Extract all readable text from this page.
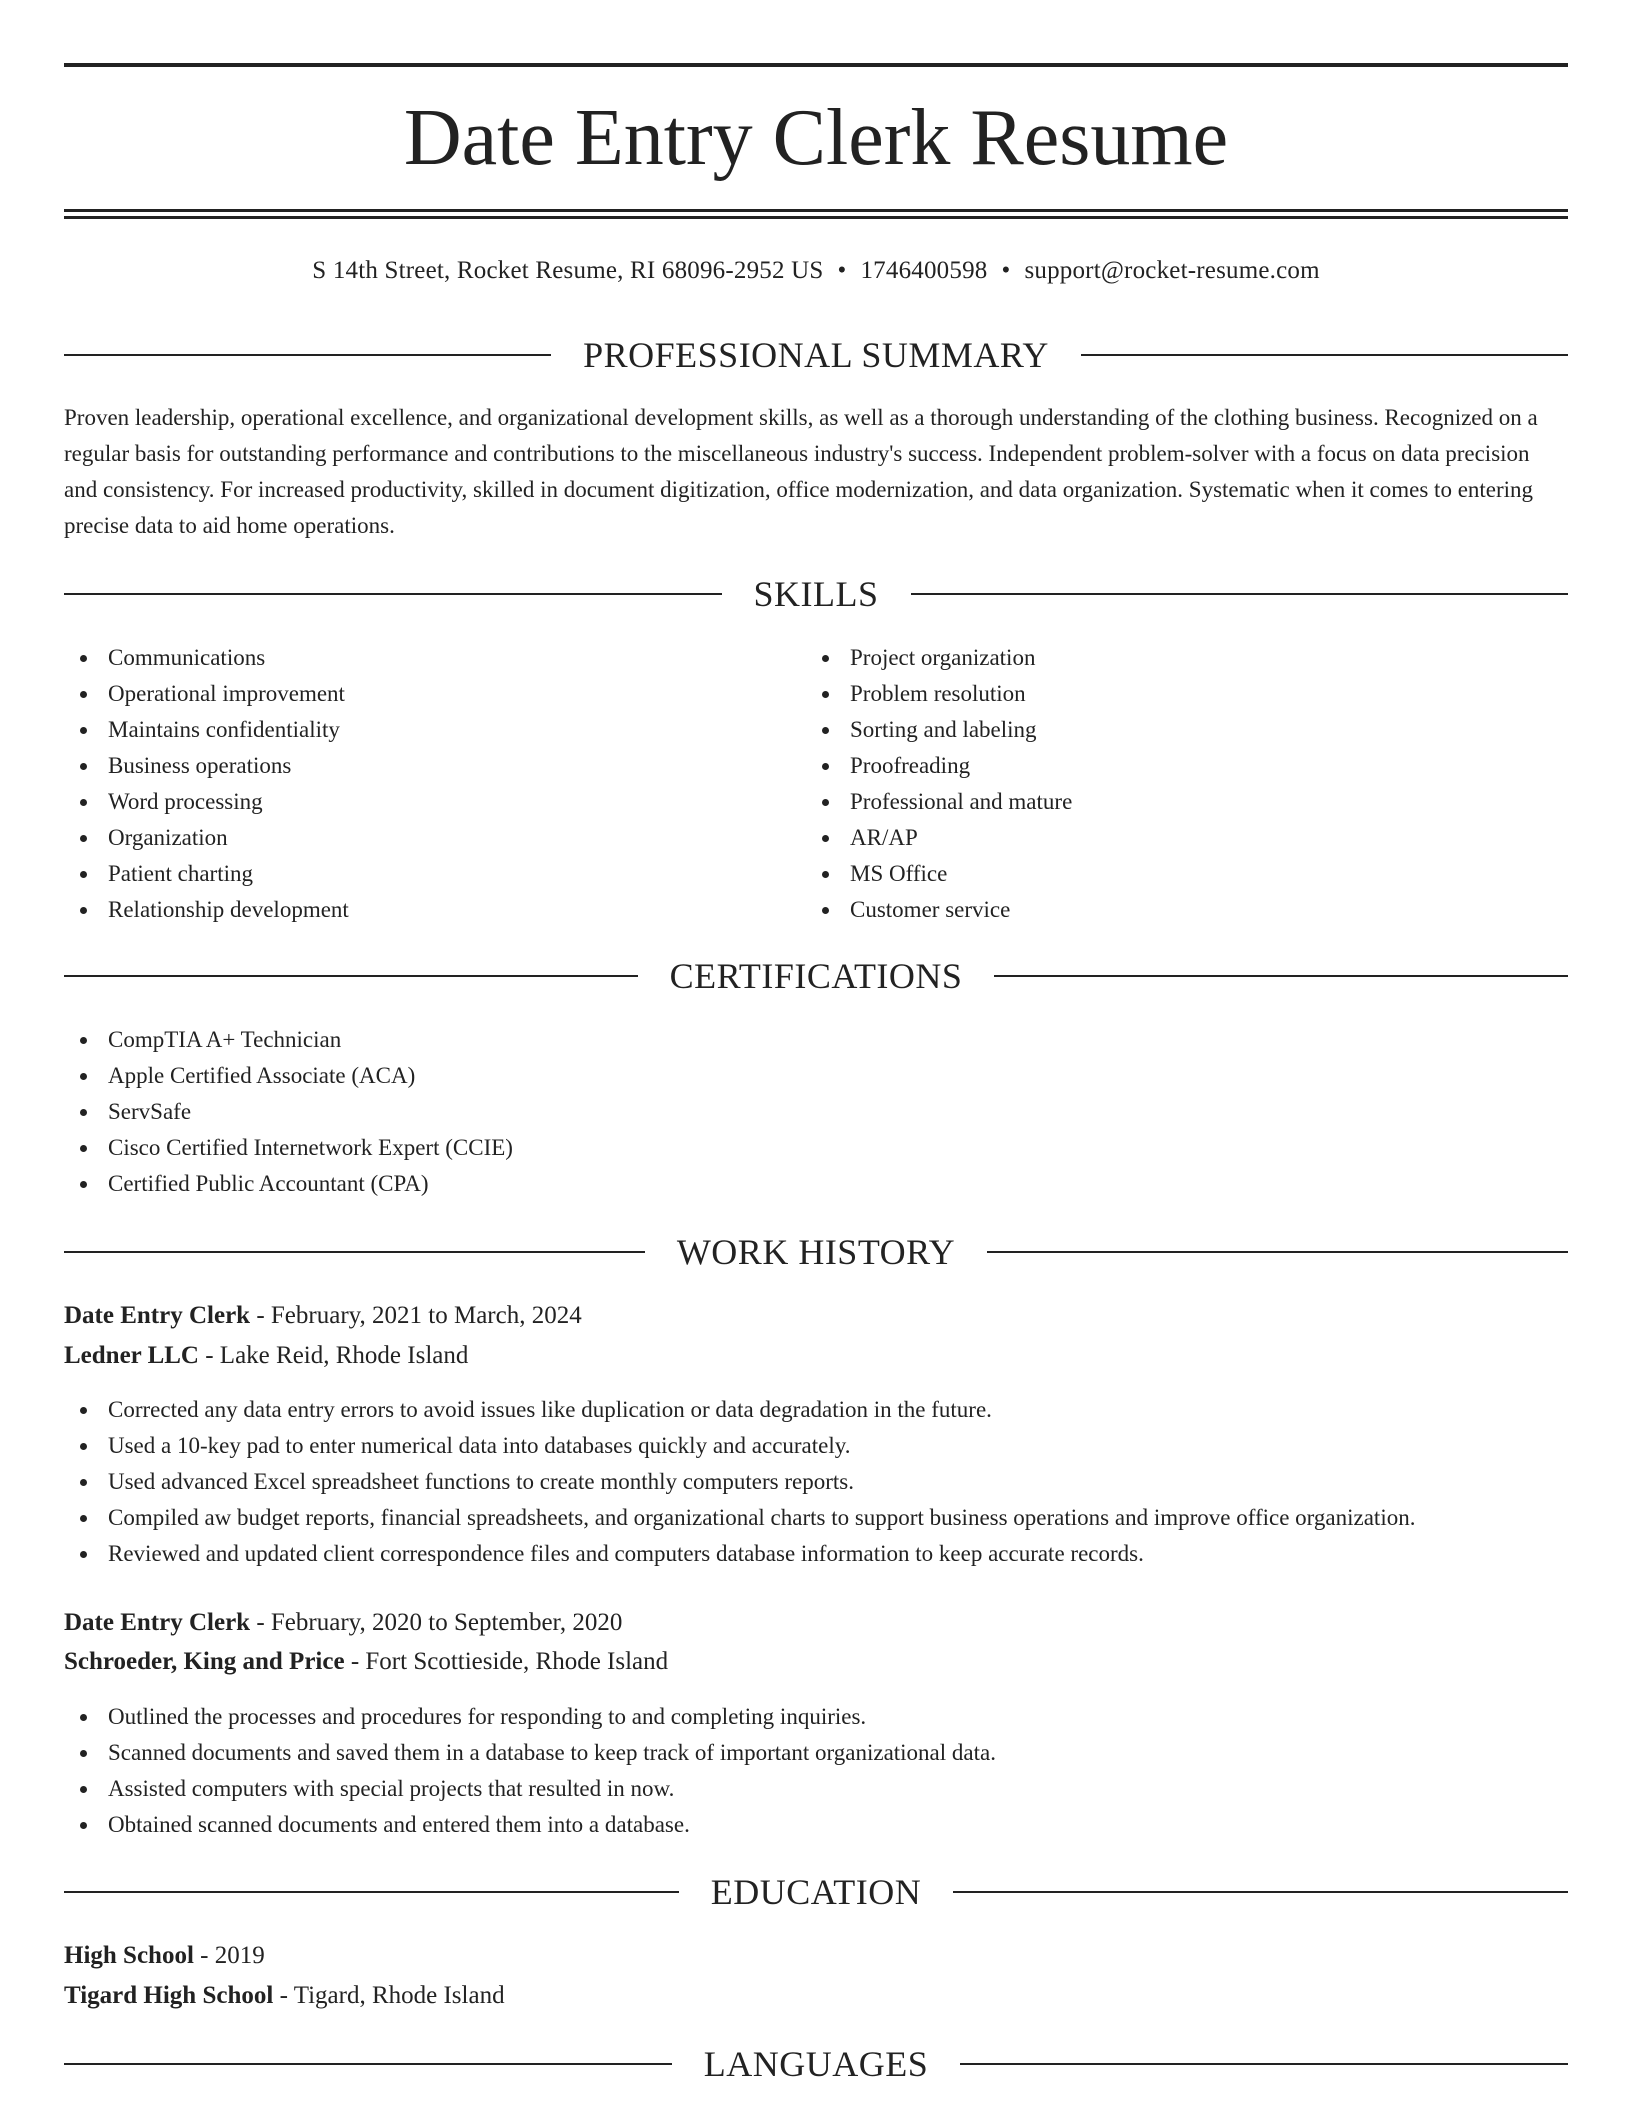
Date Entry Clerk Resume
S 14th Street, Rocket Resume, RI 68096-2952 US • 1746400598 • support@rocket-resume.com
PROFESSIONAL SUMMARY

Proven leadership, operational excellence, and organizational development skills, as well as a thorough understanding of the clothing business. Recognized on a regular basis for outstanding performance and contributions to the miscellaneous industry's success. Independent problem-solver with a focus on data precision and consistency. For increased productivity, skilled in document digitization, office modernization, and data organization. Systematic when it comes to entering precise data to aid home operations.

SKILLS
Communications
Operational improvement
Maintains confidentiality
Business operations
Word processing
Organization
Patient charting
Relationship development
Project organization
Problem resolution
Sorting and labeling
Proofreading
Professional and mature
AR/AP
MS Office
Customer service
CERTIFICATIONS
CompTIA A+ Technician
Apple Certified Associate (ACA)
ServSafe
Cisco Certified Internetwork Expert (CCIE)
Certified Public Accountant (CPA)
WORK HISTORY
Date Entry Clerk - February, 2021 to March, 2024
Ledner LLC - Lake Reid, Rhode Island
Corrected any data entry errors to avoid issues like duplication or data degradation in the future.
Used a 10-key pad to enter numerical data into databases quickly and accurately.
Used advanced Excel spreadsheet functions to create monthly computers reports.
Compiled aw budget reports, financial spreadsheets, and organizational charts to support business operations and improve office organization.
Reviewed and updated client correspondence files and computers database information to keep accurate records.
Date Entry Clerk - February, 2020 to September, 2020
Schroeder, King and Price - Fort Scottieside, Rhode Island
Outlined the processes and procedures for responding to and completing inquiries.
Scanned documents and saved them in a database to keep track of important organizational data.
Assisted computers with special projects that resulted in now.
Obtained scanned documents and entered them into a database.
EDUCATION
High School - 2019
Tigard High School - Tigard, Rhode Island
LANGUAGES
